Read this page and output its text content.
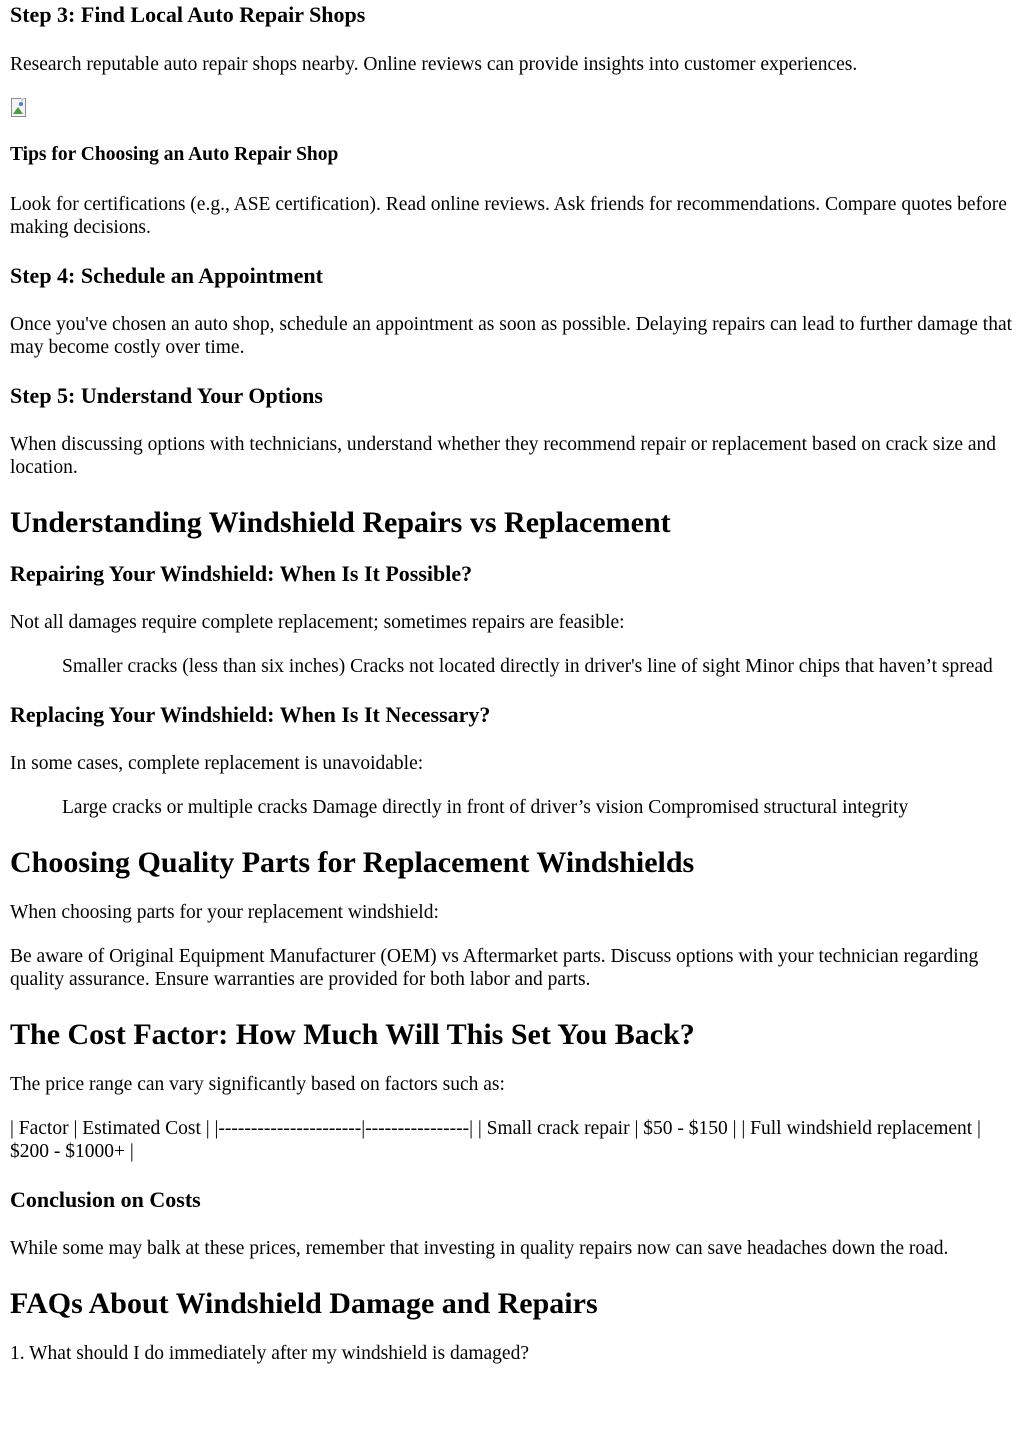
Step 3: Find Local Auto Repair Shops

Research reputable auto repair shops nearby. Online reviews can provide insights into customer experiences.

Tips for Choosing an Auto Repair Shop

Look for certifications (e.g., ASE certification). Read online reviews. Ask friends for recommendations. Compare quotes before making decisions.

Step 4: Schedule an Appointment

Once you've chosen an auto shop, schedule an appointment as soon as possible. Delaying repairs can lead to further damage that may become costly over time.

Step 5: Understand Your Options

When discussing options with technicians, understand whether they recommend repair or replacement based on crack size and location.

Understanding Windshield Repairs vs Replacement
Repairing Your Windshield: When Is It Possible?

Not all damages require complete replacement; sometimes repairs are feasible:

Smaller cracks (less than six inches) Cracks not located directly in driver's line of sight Minor chips that haven’t spread

Replacing Your Windshield: When Is It Necessary?

In some cases, complete replacement is unavoidable:

Large cracks or multiple cracks Damage directly in front of driver’s vision Compromised structural integrity

Choosing Quality Parts for Replacement Windshields

When choosing parts for your replacement windshield:

Be aware of Original Equipment Manufacturer (OEM) vs Aftermarket parts. Discuss options with your technician regarding quality assurance. Ensure warranties are provided for both labor and parts.

The Cost Factor: How Much Will This Set You Back?

The price range can vary significantly based on factors such as:

| Factor | Estimated Cost | |----------------------|----------------| | Small crack repair | $50 - $150 | | Full windshield replacement | $200 - $1000+ |

Conclusion on Costs

While some may balk at these prices, remember that investing in quality repairs now can save headaches down the road.

FAQs About Windshield Damage and Repairs

1. What should I do immediately after my windshield is damaged?
